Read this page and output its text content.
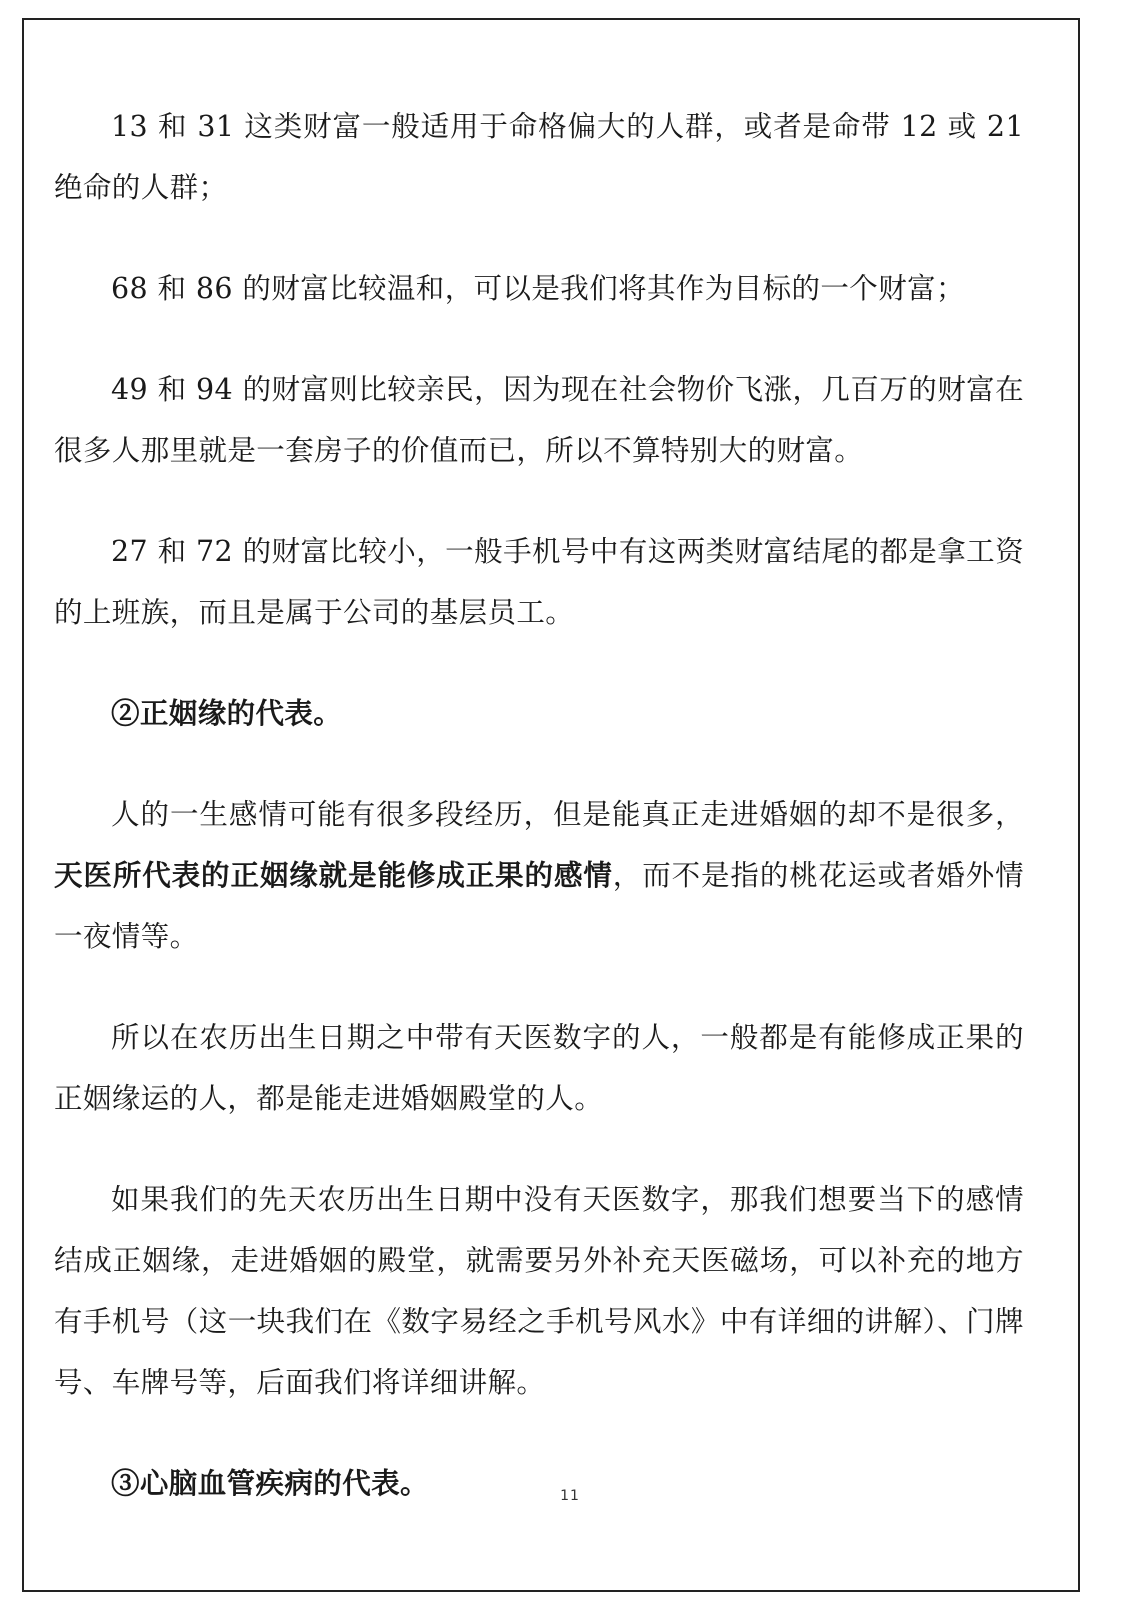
13 和 31 这类财富一般适用于命格偏大的人群，或者是命带 12 或 21 绝命的人群；

68 和 86 的财富比较温和，可以是我们将其作为目标的一个财富；

49 和 94 的财富则比较亲民，因为现在社会物价飞涨，几百万的财富在很多人那里就是一套房子的价值而已，所以不算特别大的财富。

27 和 72 的财富比较小，一般手机号中有这两类财富结尾的都是拿工资的上班族，而且是属于公司的基层员工。

②正姻缘的代表。

人的一生感情可能有很多段经历，但是能真正走进婚姻的却不是很多，天医所代表的正姻缘就是能修成正果的感情，而不是指的桃花运或者婚外情一夜情等。

所以在农历出生日期之中带有天医数字的人，一般都是有能修成正果的正姻缘运的人，都是能走进婚姻殿堂的人。

如果我们的先天农历出生日期中没有天医数字，那我们想要当下的感情结成正姻缘，走进婚姻的殿堂，就需要另外补充天医磁场，可以补充的地方有手机号（这一块我们在《数字易经之手机号风水》中有详细的讲解）、门牌号、车牌号等，后面我们将详细讲解。

③心脑血管疾病的代表。	11
